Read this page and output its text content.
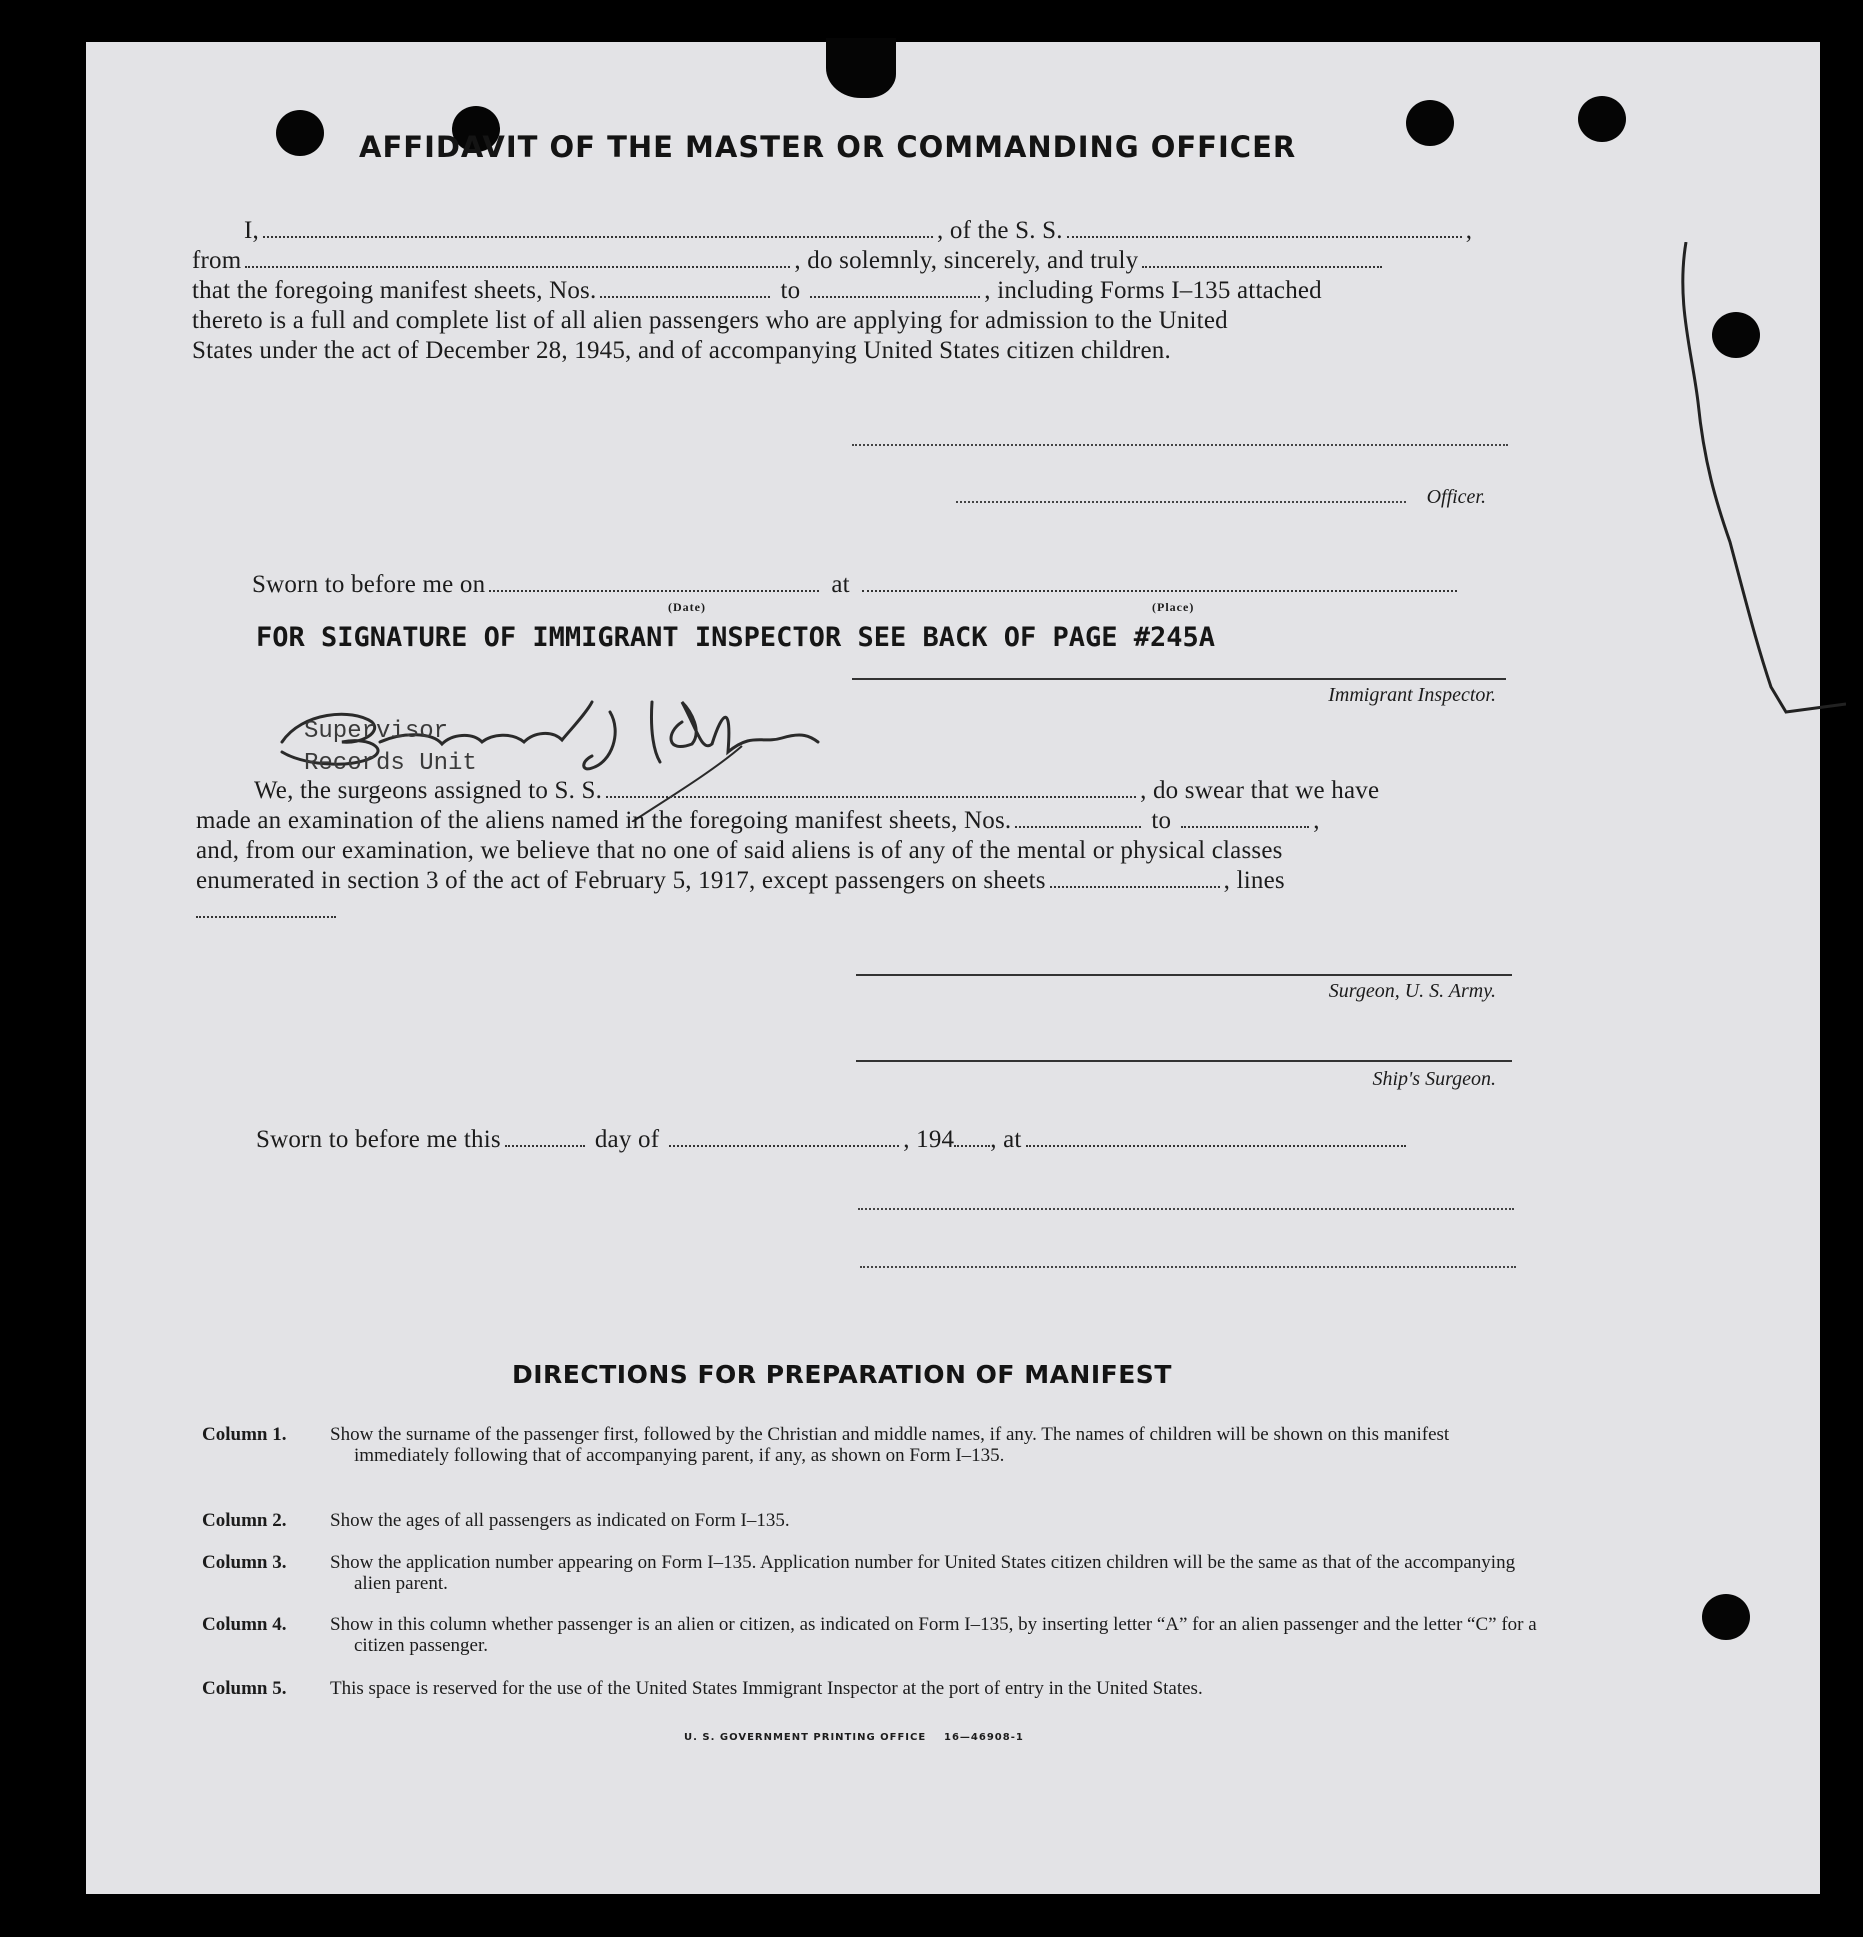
AFFIDAVIT OF THE MASTER OR COMMANDING OFFICER
I,	, of the S. S.	,
from	, do solemnly, sincerely, and truly
that the foregoing manifest sheets, Nos.	to	, including Forms I–135 attached
thereto is a full and complete list of all alien passengers who are applying for admission to the United
States under the act of December 28, 1945, and of accompanying United States citizen children.
Officer.
Sworn to before me on	at
(Date)	(Place)
FOR SIGNATURE OF IMMIGRANT INSPECTOR SEE BACK OF PAGE #245A
Immigrant Inspector.
Supervisor
Records Unit
We, the surgeons assigned to S. S.	, do swear that we have
made an examination of the aliens named in the foregoing manifest sheets, Nos.	to	,
and, from our examination, we believe that no one of said aliens is of any of the mental or physical classes
enumerated in section 3 of the act of February 5, 1917, except passengers on sheets	, lines
Surgeon, U. S. Army.
Ship's Surgeon.
Sworn to before me this	day of	, 194 , at
DIRECTIONS FOR PREPARATION OF MANIFEST
Column 1.	Show the surname of the passenger first, followed by the Christian and middle names, if any. The names of children will be shown on this manifest immediately following that of accompanying parent, if any, as shown on Form I–135.
Column 2.	Show the ages of all passengers as indicated on Form I–135.
Column 3.	Show the application number appearing on Form I–135. Application number for United States citizen children will be the same as that of the accompanying alien parent.
Column 4.	Show in this column whether passenger is an alien or citizen, as indicated on Form I–135, by inserting letter “A” for an alien passenger and the letter “C” for a citizen passenger.
Column 5.	This space is reserved for the use of the United States Immigrant Inspector at the port of entry in the United States.
U. S. GOVERNMENT PRINTING OFFICE 16—46908-1
